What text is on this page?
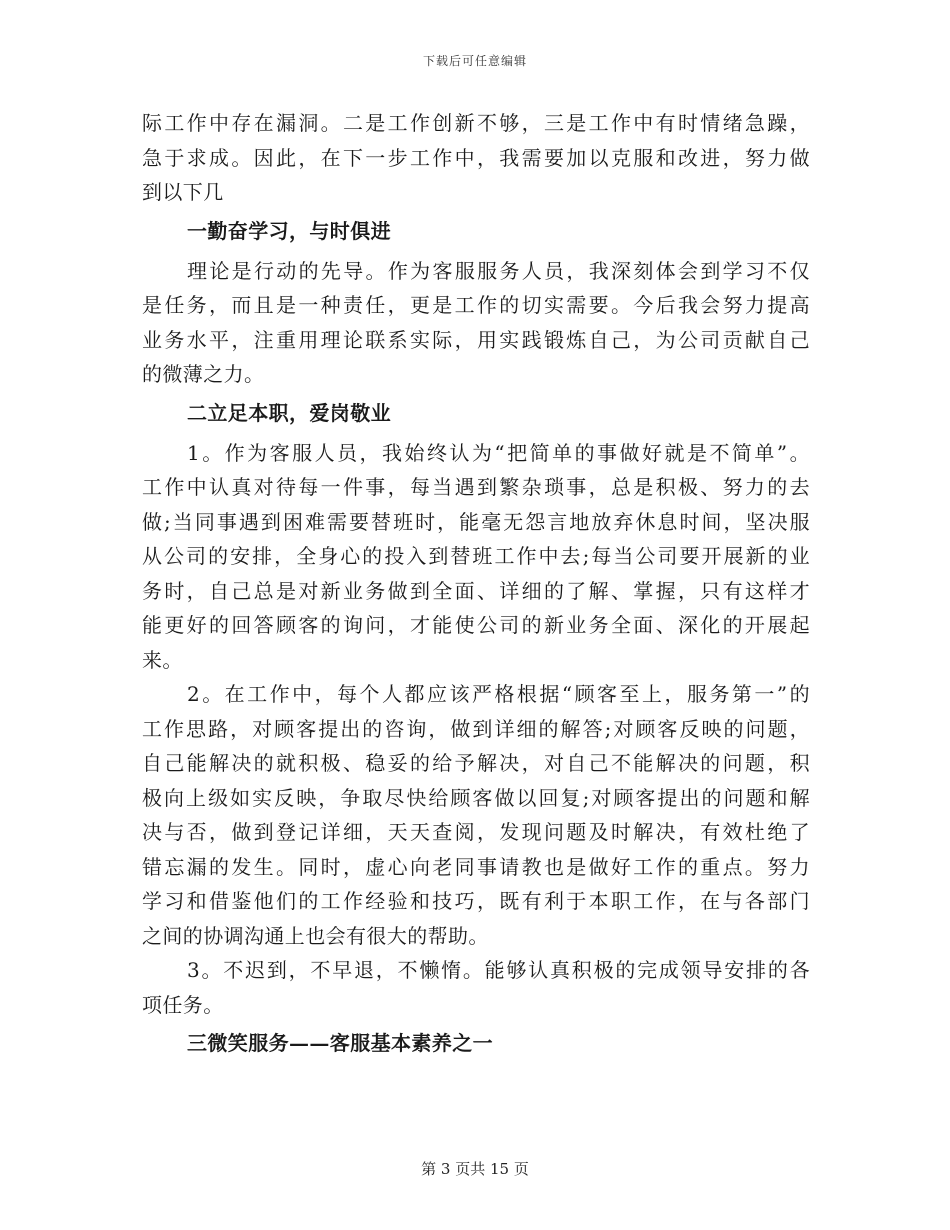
下载后可任意编辑
际工作中存在漏洞。二是工作创新不够，三是工作中有时情绪急躁，
急于求成。因此，在下一步工作中，我需要加以克服和改进，努力做
到以下几
一勤奋学习，与时俱进
理论是行动的先导。作为客服服务人员，我深刻体会到学习不仅
是任务，而且是一种责任，更是工作的切实需要。今后我会努力提高
业务水平，注重用理论联系实际，用实践锻炼自己，为公司贡献自己
的微薄之力。
二立足本职，爱岗敬业
1。作为客服人员，我始终认为“把简单的事做好就是不简单”。
工作中认真对待每一件事，每当遇到繁杂琐事，总是积极、努力的去
做;当同事遇到困难需要替班时，能毫无怨言地放弃休息时间，坚决服
从公司的安排，全身心的投入到替班工作中去;每当公司要开展新的业
务时，自己总是对新业务做到全面、详细的了解、掌握，只有这样才
能更好的回答顾客的询问，才能使公司的新业务全面、深化的开展起
来。
2。在工作中，每个人都应该严格根据“顾客至上，服务第一”的
工作思路，对顾客提出的咨询，做到详细的解答;对顾客反映的问题，
自己能解决的就积极、稳妥的给予解决，对自己不能解决的问题，积
极向上级如实反映，争取尽快给顾客做以回复;对顾客提出的问题和解
决与否，做到登记详细，天天查阅，发现问题及时解决，有效杜绝了
错忘漏的发生。同时，虚心向老同事请教也是做好工作的重点。努力
学习和借鉴他们的工作经验和技巧，既有利于本职工作，在与各部门
之间的协调沟通上也会有很大的帮助。
3。不迟到，不早退，不懒惰。能够认真积极的完成领导安排的各
项任务。
三微笑服务——客服基本素养之一
第 3 页共 15 页
